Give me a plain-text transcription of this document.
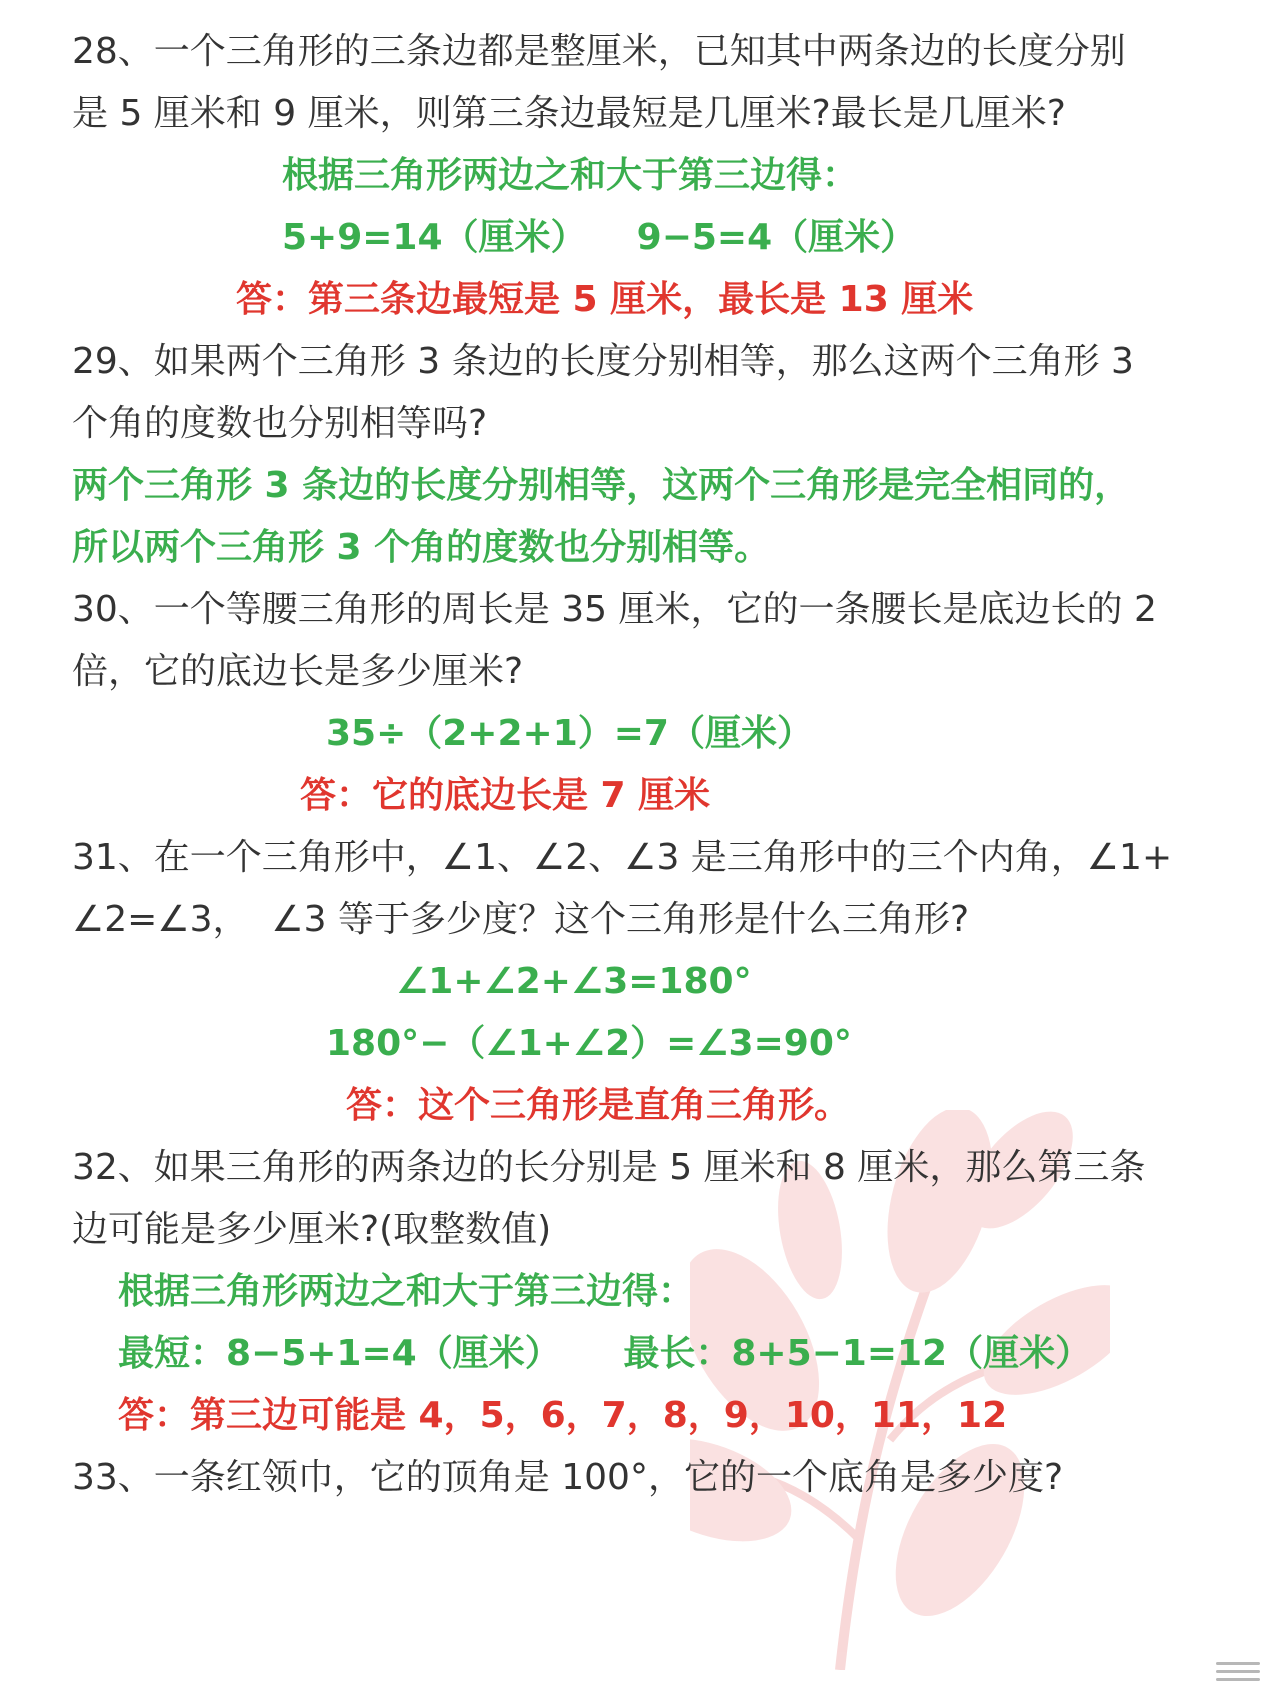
28、一个三角形的三条边都是整厘米，已知其中两条边的长度分别
是 5 厘米和 9 厘米，则第三条边最短是几厘米?最长是几厘米?
根据三角形两边之和大于第三边得：
5+9=14（厘米）    9−5=4（厘米）
答：第三条边最短是 5 厘米，最长是 13 厘米
29、如果两个三角形 3 条边的长度分别相等，那么这两个三角形 3
个角的度数也分别相等吗?
两个三角形 3 条边的长度分别相等，这两个三角形是完全相同的，
所以两个三角形 3 个角的度数也分别相等。
30、一个等腰三角形的周长是 35 厘米，它的一条腰长是底边长的 2
倍，它的底边长是多少厘米?
35÷（2+2+1）=7（厘米）
答：它的底边长是 7 厘米
31、在一个三角形中，∠1、∠2、∠3 是三角形中的三个内角，∠1+
∠2=∠3，  ∠3 等于多少度？这个三角形是什么三角形?
∠1+∠2+∠3=180°
180°−（∠1+∠2）=∠3=90°
答：这个三角形是直角三角形。
32、如果三角形的两条边的长分别是 5 厘米和 8 厘米，那么第三条
边可能是多少厘米?(取整数值)
根据三角形两边之和大于第三边得：
最短：8−5+1=4（厘米）     最长：8+5−1=12（厘米）
答：第三边可能是 4，5，6，7，8，9，10，11，12
33、一条红领巾，它的顶角是 100°，它的一个底角是多少度?
